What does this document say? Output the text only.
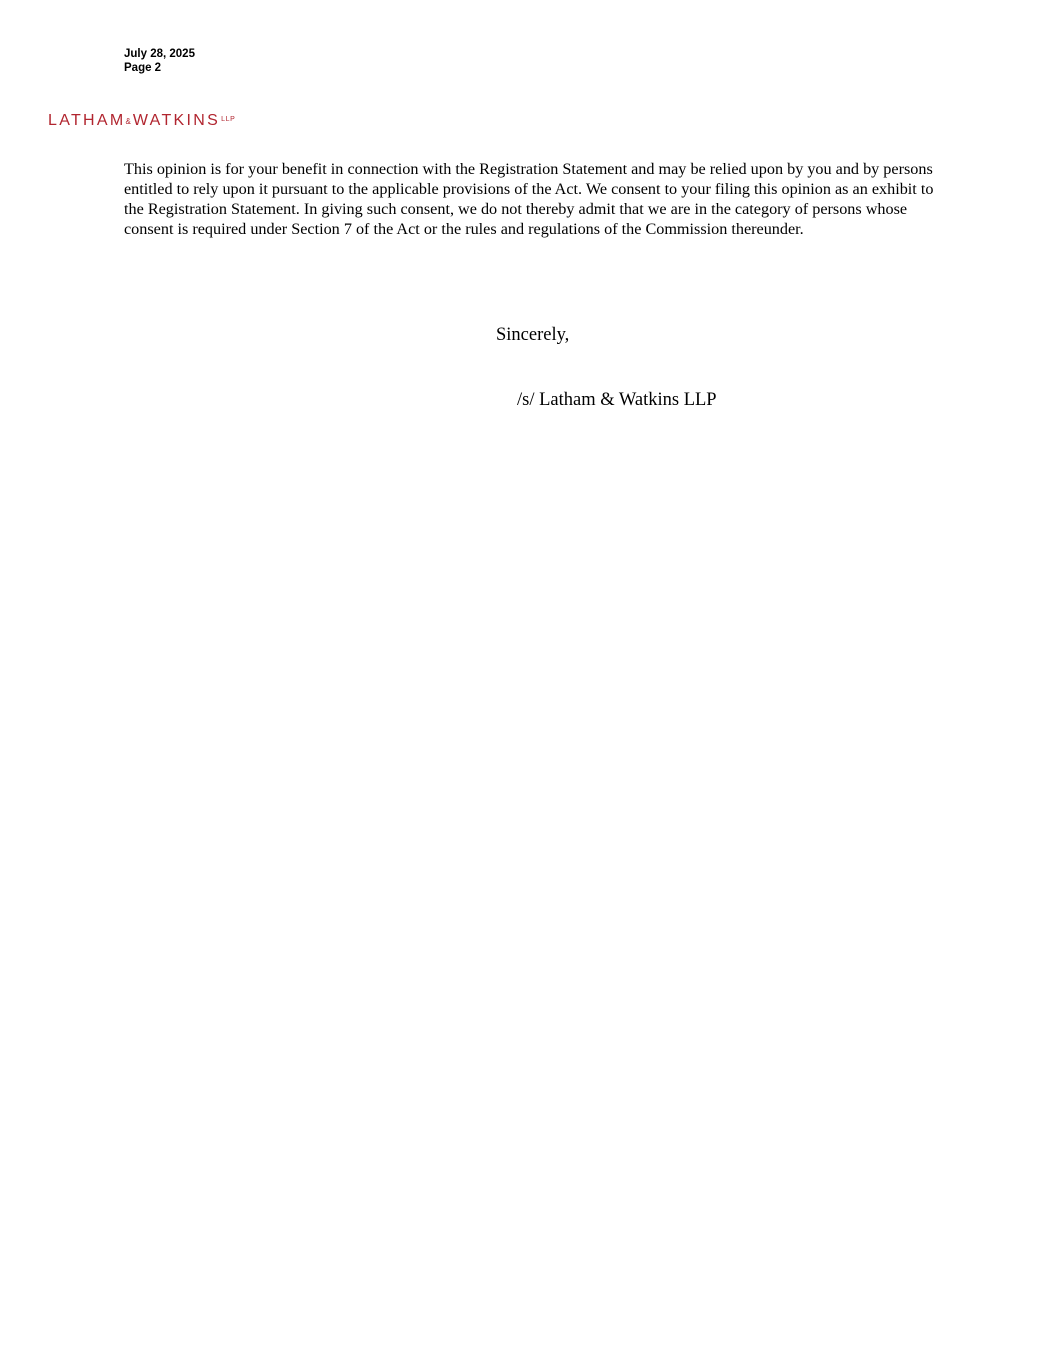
July 28, 2025
Page 2
LATHAM& $WATKINS^{LLP}$
This opinion is for your benefit in connection with the Registration Statement and may be relied upon by you and by persons entitled to rely upon it pursuant to the applicable provisions of the Act. We consent to your filing this opinion as an exhibit to the Registration Statement. In giving such consent, we do not thereby admit that we are in the category of persons whose consent is required under Section 7 of the Act or the rules and regulations of the Commission thereunder.
Sincerely,
/s/ Latham & Watkins LLP
